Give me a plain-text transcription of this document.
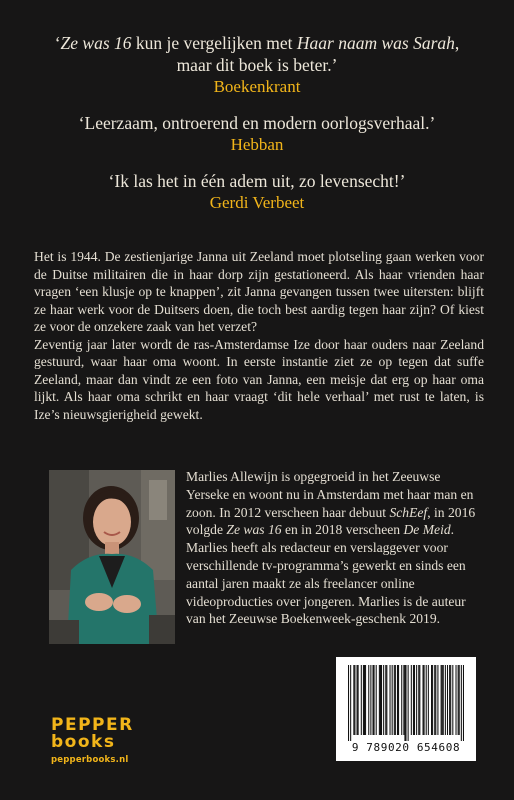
‘Ze was 16 kun je vergelijken met Haar naam was Sarah,
maar dit boek is beter.’
Boekenkrant
‘Leerzaam, ontroerend en modern oorlogsverhaal.’
Hebban
‘Ik las het in één adem uit, zo levensecht!’
Gerdi Verbeet

Het is 1944. De zestienjarige Janna uit Zeeland moet plotseling gaan werken voor de Duitse militairen die in haar dorp zijn gestationeerd. Als haar vrienden haar vragen ‘een klusje op te knappen’, zit Janna gevangen tussen twee uitersten: blijft ze haar werk voor de Duitsers doen, die toch best aardig tegen haar zijn? Of kiest ze voor de onzekere zaak van het verzet?

Zeventig jaar later wordt de ras-Amsterdamse Ize door haar ouders naar Zeeland gestuurd, waar haar oma woont. In eerste instantie ziet ze op tegen dat suffe Zeeland, maar dan vindt ze een foto van Janna, een meisje dat erg op haar oma lijkt. Als haar oma schrikt en haar vraagt ‘dit hele verhaal’ met rust te laten, is Ize’s nieuwsgierigheid gewekt.

Marlies Allewijn is opgegroeid in het Zeeuwse Yerseke en woont nu in Amsterdam met haar man en zoon. In 2012 verscheen haar debuut SchEef, in 2016 volgde Ze was 16 en in 2018 verscheen De Meid. Marlies heeft als redacteur en verslaggever voor verschillende tv-programma’s gewerkt en sinds een aantal jaren maakt ze als freelancer online videoproducties over jongeren. Marlies is de auteur van het Zeeuwse Boekenweek-geschenk 2019.

PEPPER
books
pepperbooks.nl
9 789020 654608
